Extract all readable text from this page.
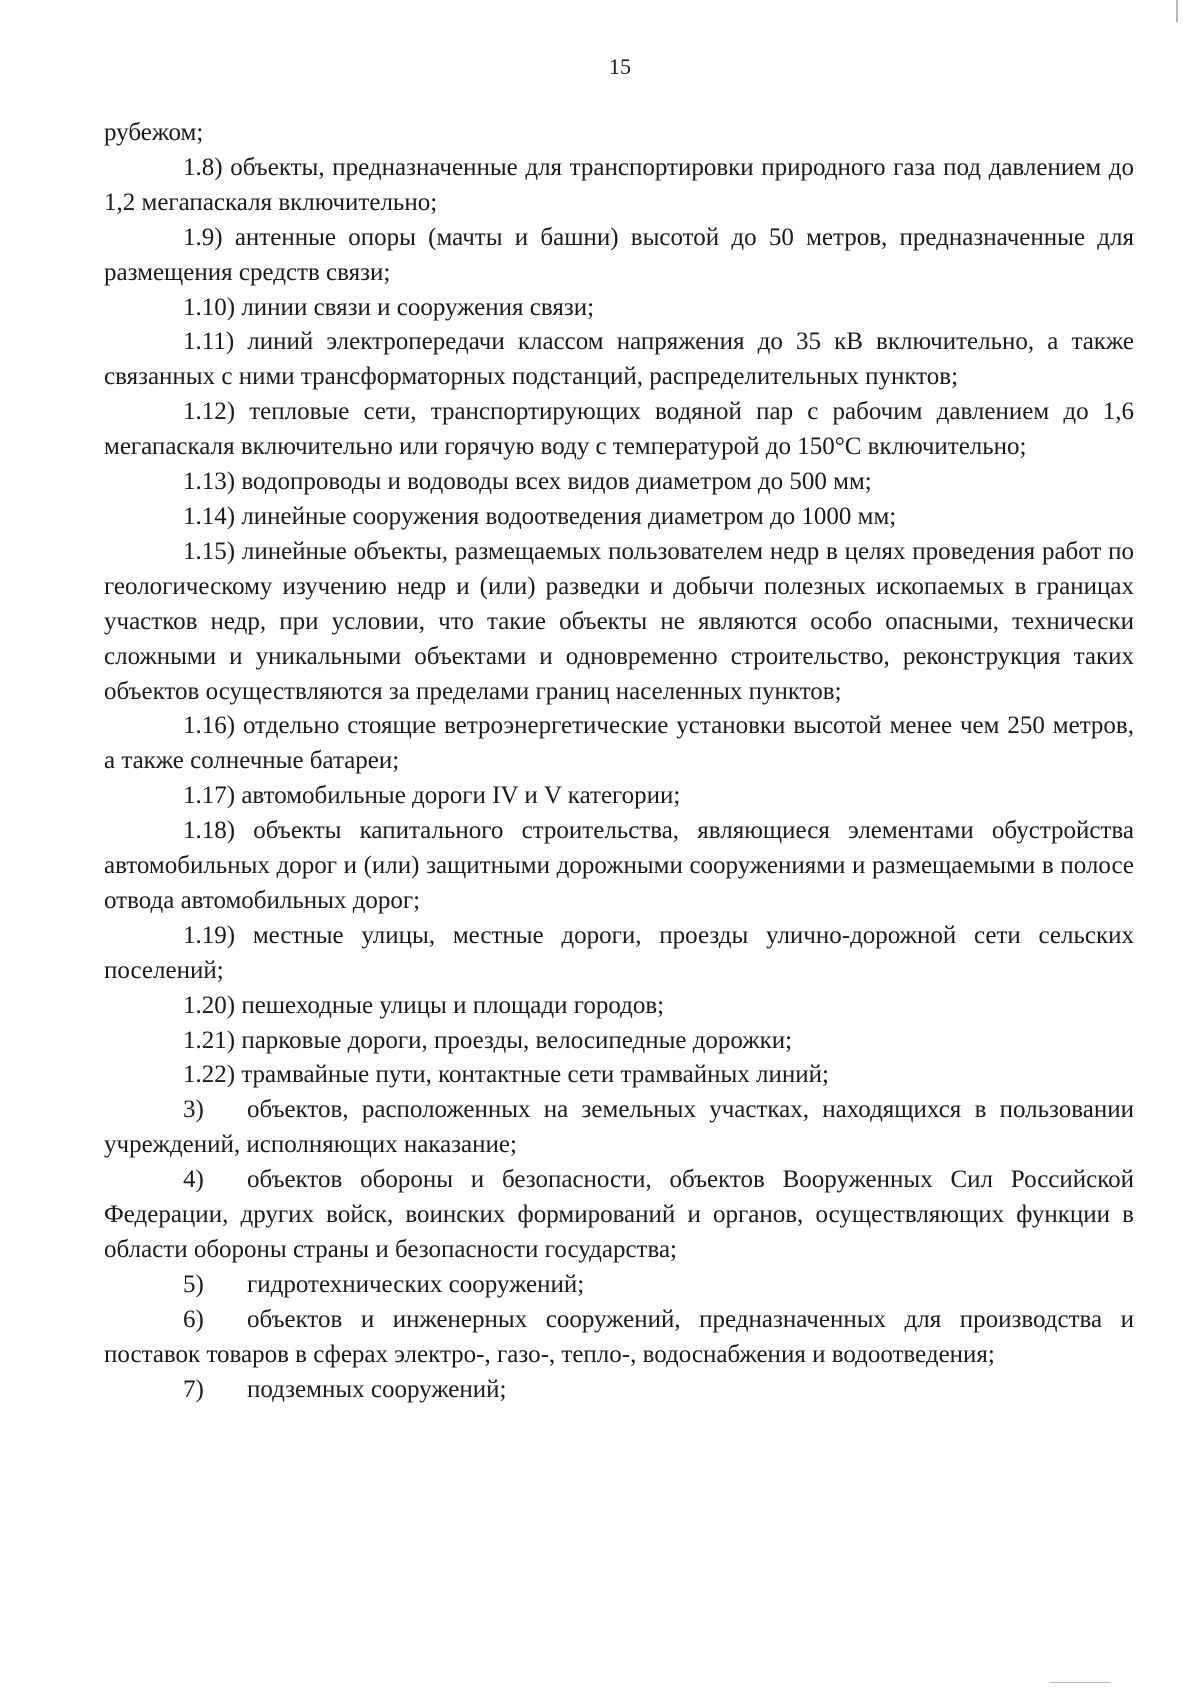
15

рубежом;

1.8) объекты, предназначенные для транспортировки природного газа под давлением до 1,2 мегапаскаля включительно;

1.9) антенные опоры (мачты и башни) высотой до 50 метров, предназначенные для размещения средств связи;

1.10) линии связи и сооружения связи;

1.11) линий электропередачи классом напряжения до 35 кВ включительно, а также связанных с ними трансформаторных подстанций, распределительных пунктов;

1.12) тепловые сети, транспортирующих водяной пар с рабочим давлением до 1,6 мегапаскаля включительно или горячую воду с температурой до 150°С включительно;

1.13) водопроводы и водоводы всех видов диаметром до 500 мм;

1.14) линейные сооружения водоотведения диаметром до 1000 мм;

1.15) линейные объекты, размещаемых пользователем недр в целях проведения работ по геологическому изучению недр и (или) разведки и добычи полезных ископаемых в границах участков недр, при условии, что такие объекты не являются особо опасными, технически сложными и уникальными объектами и одновременно строительство, реконструкция таких объектов осуществляются за пределами границ населенных пунктов;

1.16) отдельно стоящие ветроэнергетические установки высотой менее чем 250 метров, а также солнечные батареи;

1.17) автомобильные дороги IV и V категории;

1.18) объекты капитального строительства, являющиеся элементами обустройства автомобильных дорог и (или) защитными дорожными сооружениями и размещаемыми в полосе отвода автомобильных дорог;

1.19) местные улицы, местные дороги, проезды улично-дорожной сети сельских поселений;

1.20) пешеходные улицы и площади городов;

1.21) парковые дороги, проезды, велосипедные дорожки;

1.22) трамвайные пути, контактные сети трамвайных линий;

3) объектов, расположенных на земельных участках, находящихся в пользовании учреждений, исполняющих наказание;

4) объектов обороны и безопасности, объектов Вооруженных Сил Российской Федерации, других войск, воинских формирований и органов, осуществляющих функции в области обороны страны и безопасности государства;

5) гидротехнических сооружений;

6) объектов и инженерных сооружений, предназначенных для производства и поставок товаров в сферах электро-, газо-, тепло-, водоснабжения и водоотведения;

7) подземных сооружений;
